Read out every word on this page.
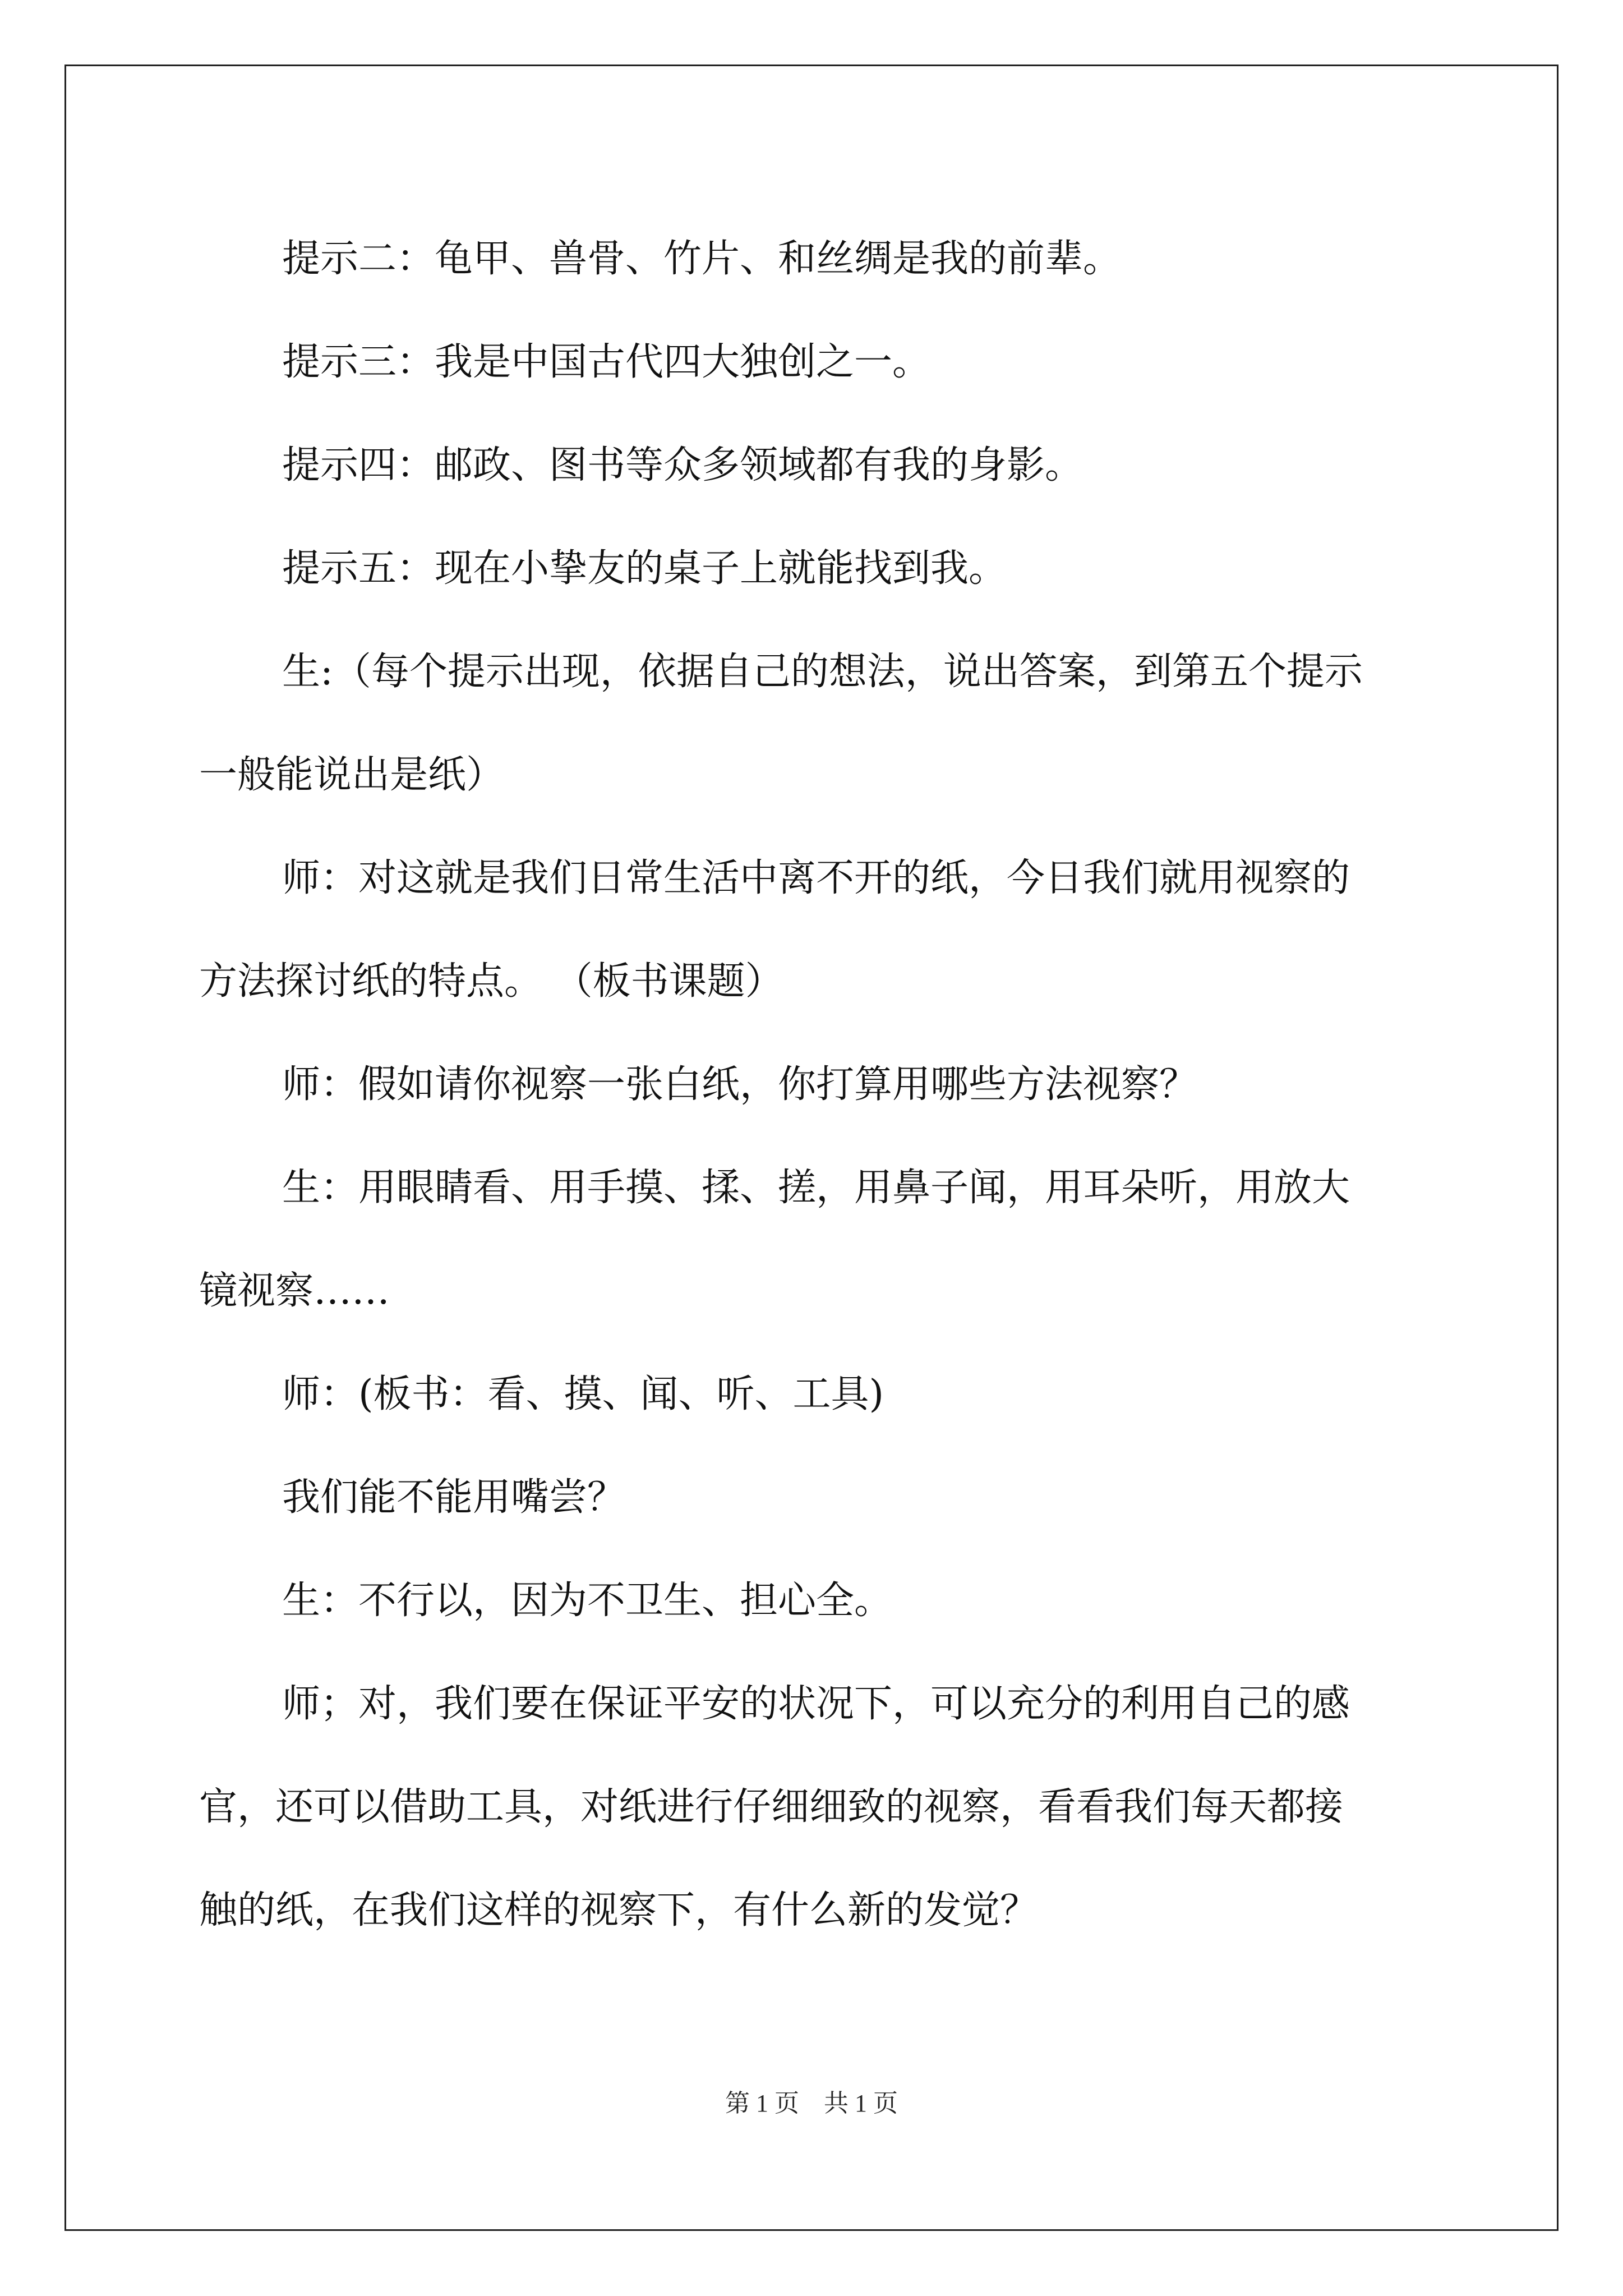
提示二：龟甲、兽骨、竹片、和丝绸是我的前辈。

提示三：我是中国古代四大独创之一。

提示四：邮政、图书等众多领域都有我的身影。

提示五：现在小挚友的桌子上就能找到我。

生:（每个提示出现，依据自己的想法，说出答案，到第五个提示

一般能说出是纸）

师：对这就是我们日常生活中离不开的纸，今日我们就用视察的

方法探讨纸的特点。 （板书课题）

师：假如请你视察一张白纸，你打算用哪些方法视察？

生：用眼睛看、用手摸、揉、搓，用鼻子闻，用耳朵听，用放大

镜视察……

师：(板书：看、摸、闻、听、工具)

我们能不能用嘴尝？

生：不行以，因为不卫生、担心全。

师；对，我们要在保证平安的状况下，可以充分的利用自己的感

官，还可以借助工具，对纸进行仔细细致的视察，看看我们每天都接

触的纸，在我们这样的视察下，有什么新的发觉？

第 1 页 共 1 页
